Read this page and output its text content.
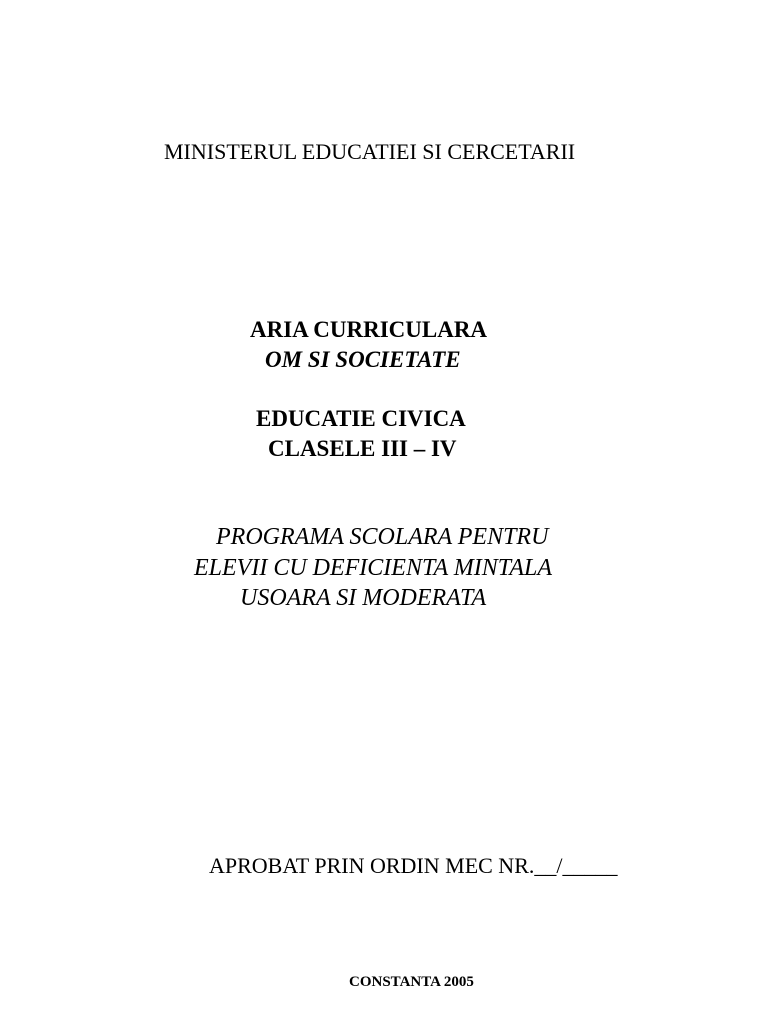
MINISTERUL EDUCATIEI SI CERCETARII
ARIA CURRICULARA
OM SI SOCIETATE
EDUCATIE CIVICA
CLASELE III – IV
PROGRAMA SCOLARA PENTRU
ELEVII CU DEFICIENTA MINTALA
USOARA SI MODERATA
APROBAT PRIN ORDIN MEC NR.__/_____
CONSTANTA 2005
